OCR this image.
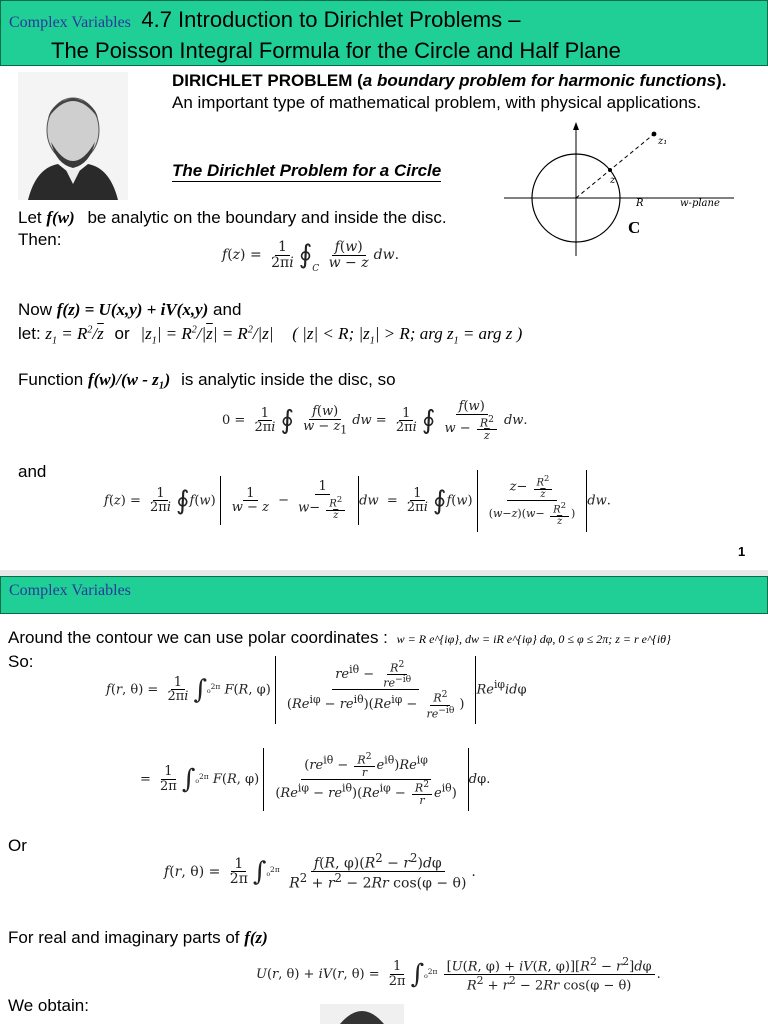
Complex Variables 4.7 Introduction to Dirichlet Problems –
The Poisson Integral Formula for the Circle and Half Plane
DIRICHLET PROBLEM (a boundary problem for harmonic functions). An important type of mathematical problem, with physical applications.
The Dirichlet Problem for a Circle
z₁
z
R	w-plane
C
Let f(w) be analytic on the boundary and inside the disc.
Then:
$f(z) = \frac{1}{2\pi i}$ $∮_C \frac{f(w)}{w - z}$ dw.
Now f(z) = U(x,y) + iV(x,y) and
let: $z_1 = R^2/\overline{z}$ or $|z_1| = R^2/|\overline{z}| = R^2/|z|$ ( |z| < R; $|z_1| > R$; arg $z_1$ = arg z )
Function f(w)/(w - z₁) is analytic inside the disc, so
$0 = \frac{1}{2\pi i}$ ∮ $\frac{f(w)}{w - z_1}$ dw = $\frac{1}{2\pi i}$ ∮ $\frac{f(w)}{w - \frac{R^2}{z}}$ dw.
and
$f(z) = \frac{1}{2\pi i}$ ∮f(w) $\frac{1}{w - z} - \frac{1}{w- \frac{R^2}{z}}$ dw  = $\frac{1}{2\pi i}$ ∮f(w) $\frac{z- \frac{R^2}{z}}{(w-z)(w- \frac{R^2}{z} )}$ dw.
1
Complex Variables
Around the contour we can use polar coordinates : w = R e^{iφ}, dw = iR e^{iφ} dφ, 0 ≤ φ ≤ 2π; z = r e^{iθ}
So:
f(r, $\theta) = \frac{1}{2\pi i} \int_0^{2\pi}$ F(R, $\varphi) \frac{re^{i\theta} - \frac{R^2}{re^{-i\theta}}}{(Re^{i\varphi} - re^{i\theta})(Re^{i\varphi} - \frac{R^2}{re^{-i\theta}} )} Re^{i\varphi}id\varphi$
= $\frac{1}{2\pi} \int_0^{2\pi}$ F(R, $\varphi) \frac{(re^{i\theta} - \frac{R^2}{r} e^{i\theta})Re^{i\varphi}}{(Re^{i\varphi} - re^{i\theta})(Re^{i\varphi} - \frac{R^2}{r} e^{i\theta})} d\varphi$.
Or
f(r, $\theta) = \frac{1}{2\pi} \int_0^{2\pi} \frac{f(R, \varphi)(R^2 - r^2)d\varphi}{R^2 + r^2 - 2Rr \cos(\varphi - \theta)}$ .
For real and imaginary parts of f(z)
U(r, θ) + iV(r, $\theta) = \frac{1}{2\pi} \int_0^{2\pi} \frac{[U(R, \varphi) + iV(R, \varphi)][R^2 - r^2]d\varphi}{R^2 + r^2 - 2Rr \cos(\varphi - \theta)}$ .
We obtain:
